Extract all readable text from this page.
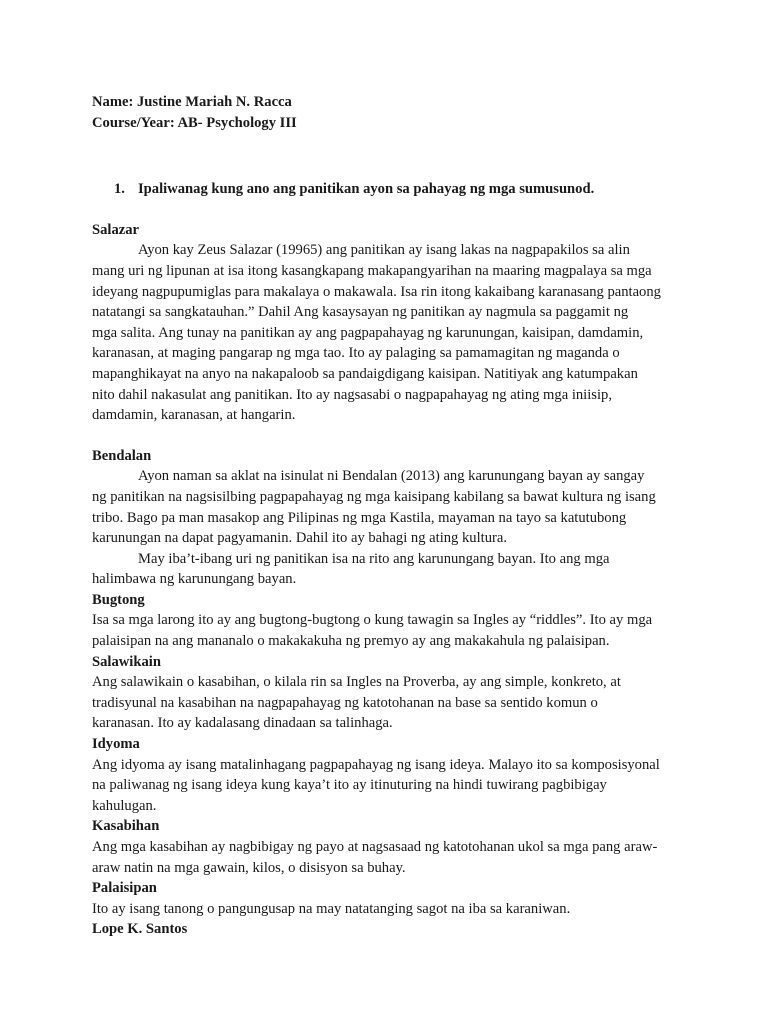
Name: Justine Mariah N. Racca
Course/Year: AB- Psychology III
1. Ipaliwanag kung ano ang panitikan ayon sa pahayag ng mga sumusunod.
Salazar
Ayon kay Zeus Salazar (19965) ang panitikan ay isang lakas na nagpapakilos sa alin
mang uri ng lipunan at isa itong kasangkapang makapangyarihan na maaring magpalaya sa mga
ideyang nagpupumiglas para makalaya o makawala. Isa rin itong kakaibang karanasang pantaong
natatangi sa sangkatauhan.” Dahil Ang kasaysayan ng panitikan ay nagmula sa paggamit ng
mga salita. Ang tunay na panitikan ay ang pagpapahayag ng karunungan, kaisipan, damdamin,
karanasan, at maging pangarap ng mga tao. Ito ay palaging sa pamamagitan ng maganda o
mapanghikayat na anyo na nakapaloob sa pandaigdigang kaisipan. Natitiyak ang katumpakan
nito dahil nakasulat ang panitikan. Ito ay nagsasabi o nagpapahayag ng ating mga iniisip,
damdamin, karanasan, at hangarin.
Bendalan
Ayon naman sa aklat na isinulat ni Bendalan (2013) ang karunungang bayan ay sangay
ng panitikan na nagsisilbing pagpapahayag ng mga kaisipang kabilang sa bawat kultura ng isang
tribo. Bago pa man masakop ang Pilipinas ng mga Kastila, mayaman na tayo sa katutubong
karunungan na dapat pagyamanin. Dahil ito ay bahagi ng ating kultura.
May iba’t-ibang uri ng panitikan isa na rito ang karunungang bayan. Ito ang mga
halimbawa ng karunungang bayan.
Bugtong
Isa sa mga larong ito ay ang bugtong-bugtong o kung tawagin sa Ingles ay “riddles”. Ito ay mga
palaisipan na ang mananalo o makakakuha ng premyo ay ang makakahula ng palaisipan.
Salawikain
Ang salawikain o kasabihan, o kilala rin sa Ingles na Proverba, ay ang simple, konkreto, at
tradisyunal na kasabihan na nagpapahayag ng katotohanan na base sa sentido komun o
karanasan. Ito ay kadalasang dinadaan sa talinhaga.
Idyoma
Ang idyoma ay isang matalinhagang pagpapahayag ng isang ideya. Malayo ito sa komposisyonal
na paliwanag ng isang ideya kung kaya’t ito ay itinuturing na hindi tuwirang pagbibigay
kahulugan.
Kasabihan
Ang mga kasabihan ay nagbibigay ng payo at nagsasaad ng katotohanan ukol sa mga pang araw-
araw natin na mga gawain, kilos, o disisyon sa buhay.
Palaisipan
Ito ay isang tanong o pangungusap na may natatanging sagot na iba sa karaniwan.
Lope K. Santos
